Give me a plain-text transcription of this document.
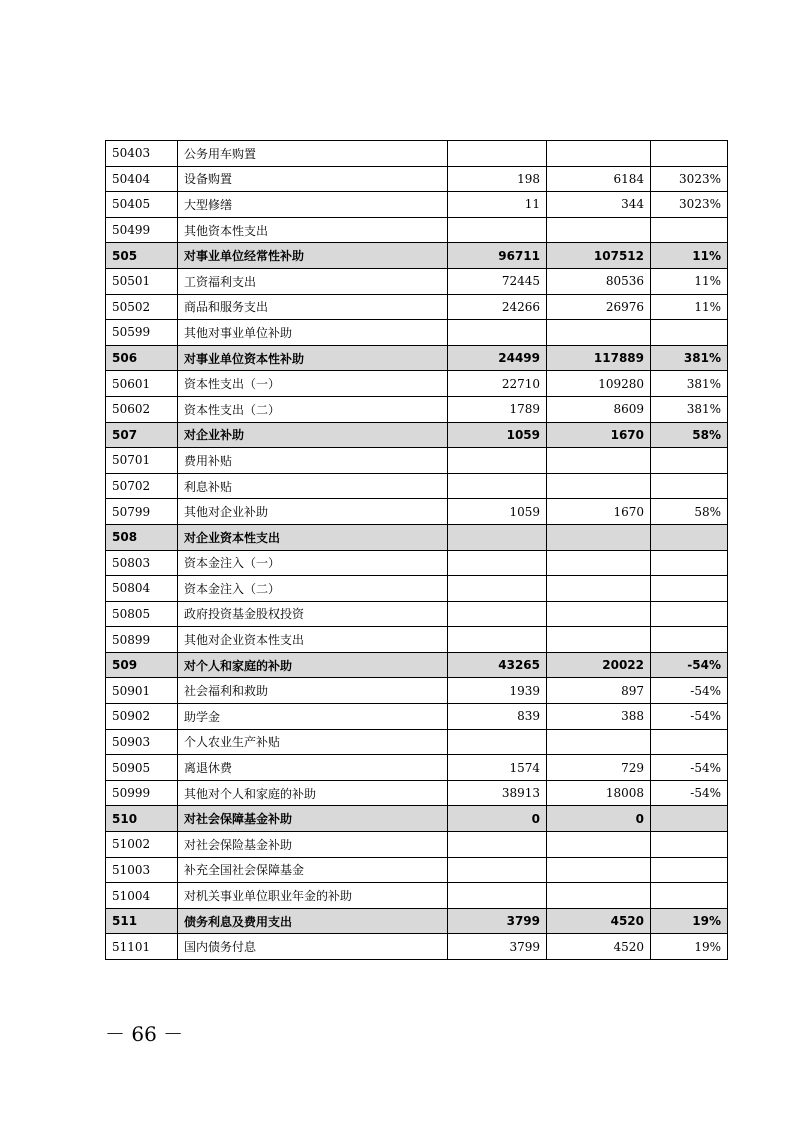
50403	公务用车购置			
50404	设备购置	198	6184	3023%
50405	大型修缮	11	344	3023%
50499	其他资本性支出			
505	对事业单位经常性补助	96711	107512	11%
50501	工资福利支出	72445	80536	11%
50502	商品和服务支出	24266	26976	11%
50599	其他对事业单位补助			
506	对事业单位资本性补助	24499	117889	381%
50601	资本性支出（一）	22710	109280	381%
50602	资本性支出（二）	1789	8609	381%
507	对企业补助	1059	1670	58%
50701	费用补贴			
50702	利息补贴			
50799	其他对企业补助	1059	1670	58%
508	对企业资本性支出			
50803	资本金注入（一）			
50804	资本金注入（二）			
50805	政府投资基金股权投资			
50899	其他对企业资本性支出			
509	对个人和家庭的补助	43265	20022	-54%
50901	社会福利和救助	1939	897	-54%
50902	助学金	839	388	-54%
50903	个人农业生产补贴			
50905	离退休费	1574	729	-54%
50999	其他对个人和家庭的补助	38913	18008	-54%
510	对社会保障基金补助	0	0	
51002	对社会保险基金补助			
51003	补充全国社会保障基金			
51004	对机关事业单位职业年金的补助			
511	债务利息及费用支出	3799	4520	19%
51101	国内债务付息	3799	4520	19%
－ 66 －
